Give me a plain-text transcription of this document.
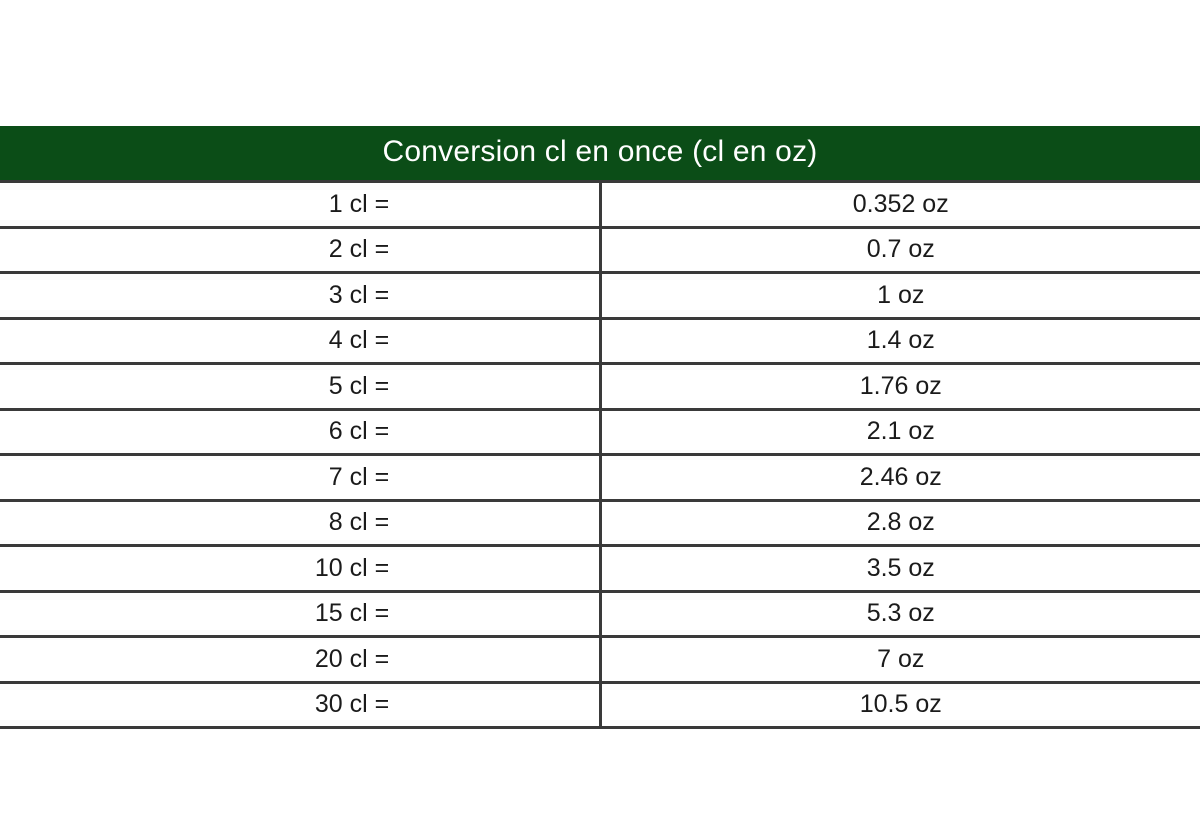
Conversion cl en once (cl en oz)	
1 cl =	0.352 oz
2 cl =	0.7 oz
3 cl =	1 oz
4 cl =	1.4 oz
5 cl =	1.76 oz
6 cl =	2.1 oz
7 cl =	2.46 oz
8 cl =	2.8 oz
10 cl =	3.5 oz
15 cl =	5.3 oz
20 cl =	7 oz
30 cl =	10.5 oz
